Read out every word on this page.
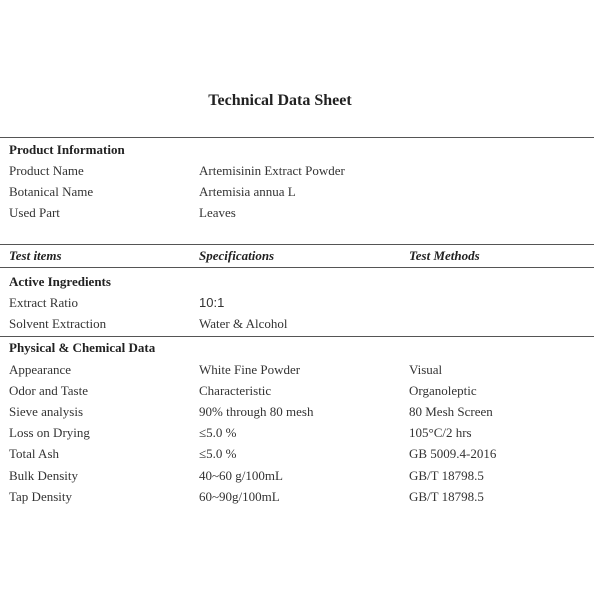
Technical Data Sheet
Product Information
Product Name	Artemisinin Extract Powder
Botanical Name	Artemisia annua L
Used Part	Leaves
Test items	Specifications	Test Methods
Active Ingredients
Extract Ratio	10:1
Solvent Extraction	Water & Alcohol
Physical & Chemical Data
Appearance	White Fine Powder	Visual
Odor and Taste	Characteristic	Organoleptic
Sieve analysis	90% through 80 mesh	80 Mesh Screen
Loss on Drying	≤5.0 %	105°C/2 hrs
Total Ash	≤5.0 %	GB 5009.4-2016
Bulk Density	40~60 g/100mL	GB/T 18798.5
Tap Density	60~90g/100mL	GB/T 18798.5
